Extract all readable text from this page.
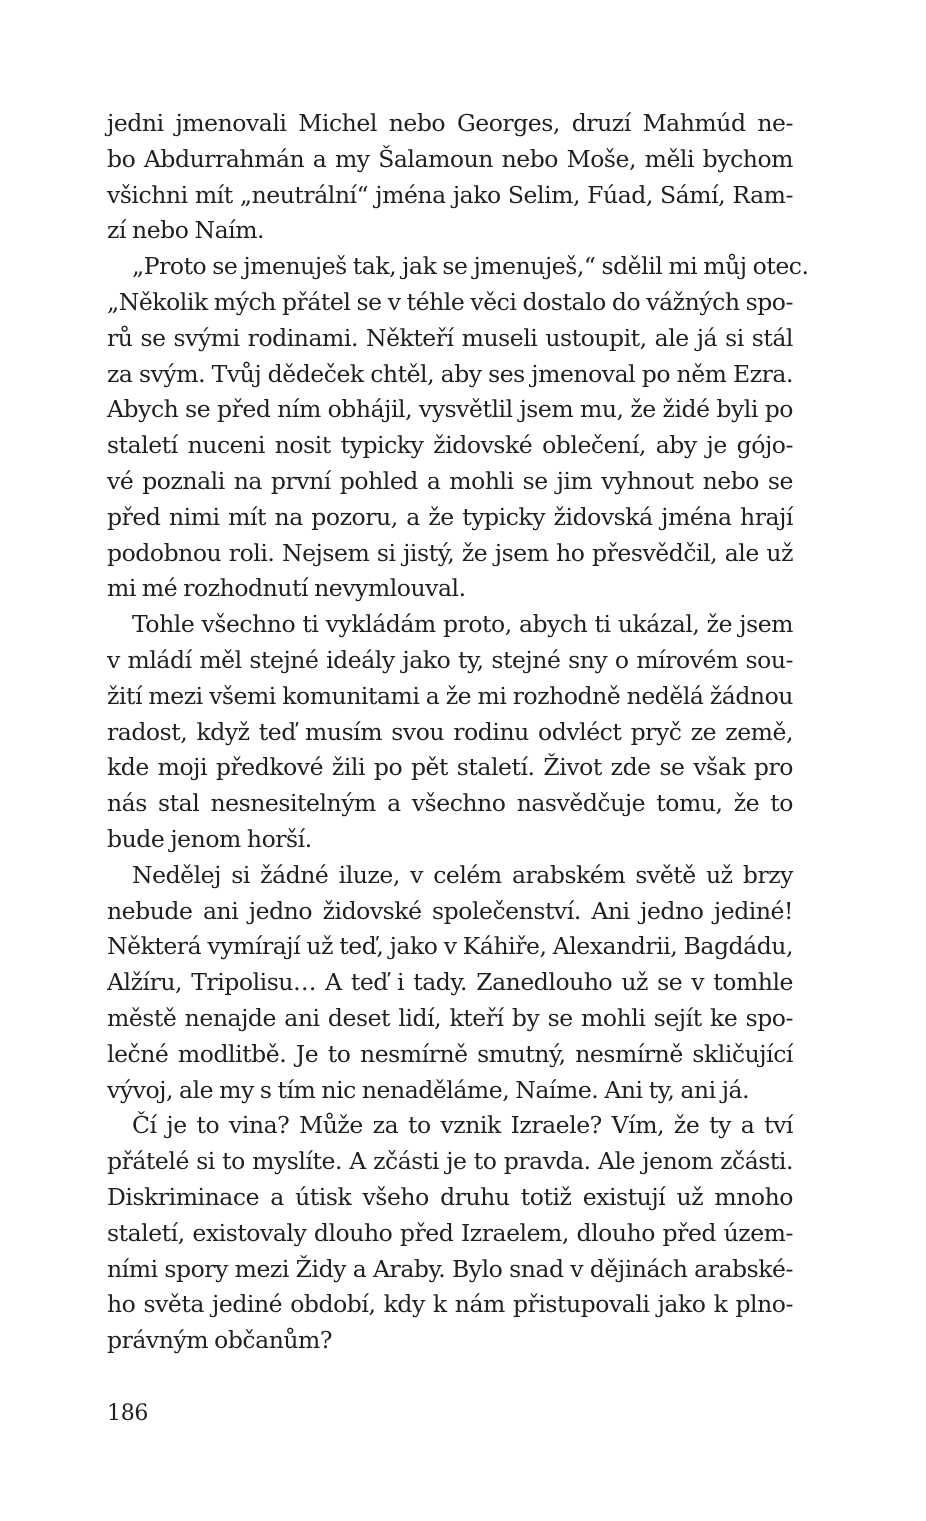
jedni jmenovali Michel nebo Georges, druzí Mahmúd ne-
bo Abdurrahmán a my Šalamoun nebo Moše, měli bychom
všichni mít „neutrální“ jména jako Selim, Fúad, Sámí, Ram-
zí nebo Naím.
„Proto se jmenuješ tak, jak se jmenuješ,“ sdělil mi můj otec.
„Několik mých přátel se v téhle věci dostalo do vážných spo-
rů se svými rodinami. Někteří museli ustoupit, ale já si stál
za svým. Tvůj dědeček chtěl, aby ses jmenoval po něm Ezra.
Abych se před ním obhájil, vysvětlil jsem mu, že židé byli po
staletí nuceni nosit typicky židovské oblečení, aby je gójo-
vé poznali na první pohled a mohli se jim vyhnout nebo se
před nimi mít na pozoru, a že typicky židovská jména hrají
podobnou roli. Nejsem si jistý, že jsem ho přesvědčil, ale už
mi mé rozhodnutí nevymlouval.
Tohle všechno ti vykládám proto, abych ti ukázal, že jsem
v mládí měl stejné ideály jako ty, stejné sny o mírovém sou-
žití mezi všemi komunitami a že mi rozhodně nedělá žádnou
radost, když teď musím svou rodinu odvléct pryč ze země,
kde moji předkové žili po pět staletí. Život zde se však pro
nás stal nesnesitelným a všechno nasvědčuje tomu, že to
bude jenom horší.
Nedělej si žádné iluze, v celém arabském světě už brzy
nebude ani jedno židovské společenství. Ani jedno jediné!
Některá vymírají už teď, jako v Káhiře, Alexandrii, Bagdádu,
Alžíru, Tripolisu… A teď i tady. Zanedlouho už se v tomhle
městě nenajde ani deset lidí, kteří by se mohli sejít ke spo-
lečné modlitbě. Je to nesmírně smutný, nesmírně skličující
vývoj, ale my s tím nic nenaděláme, Naíme. Ani ty, ani já.
Čí je to vina? Může za to vznik Izraele? Vím, že ty a tví
přátelé si to myslíte. A zčásti je to pravda. Ale jenom zčásti.
Diskriminace a útisk všeho druhu totiž existují už mnoho
staletí, existovaly dlouho před Izraelem, dlouho před územ-
ními spory mezi Židy a Araby. Bylo snad v dějinách arabské-
ho světa jediné období, kdy k nám přistupovali jako k plno-
právným občanům?
186
